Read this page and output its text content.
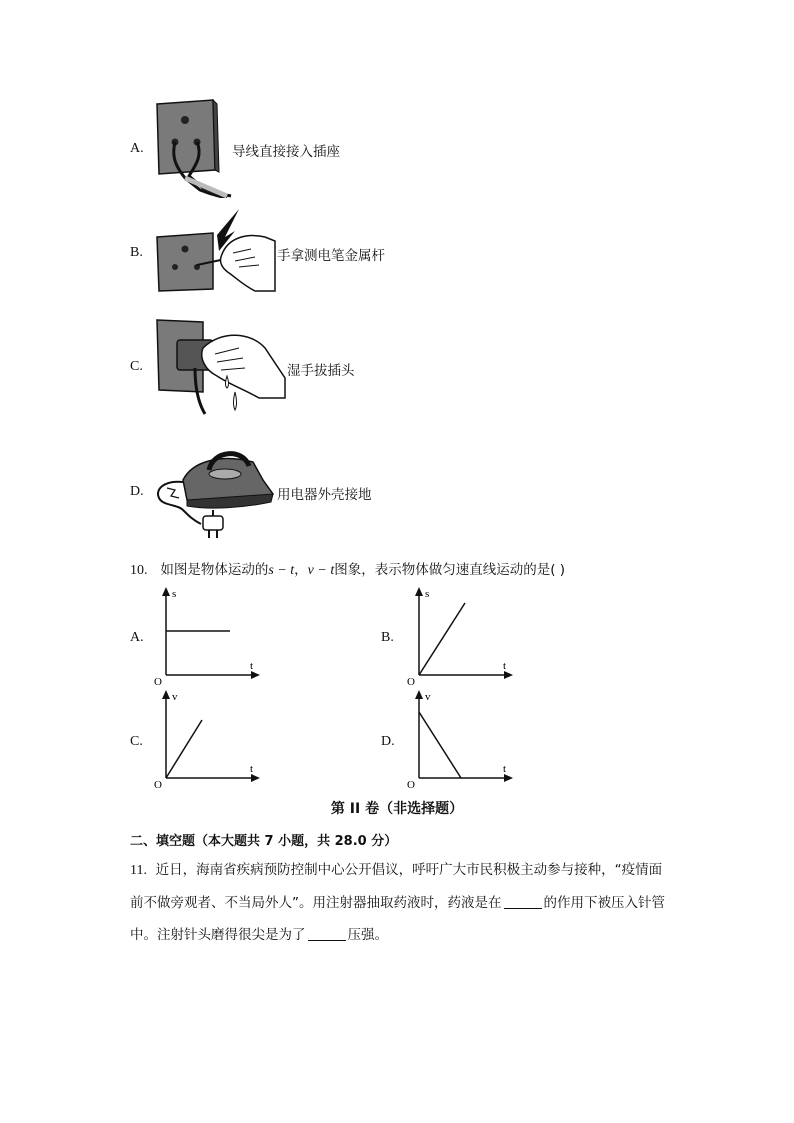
A.	导线直接接入插座
B.	手拿测电笔金属杆
C.	湿手拔插头
D.	用电器外壳接地
10. 如图是物体运动的s − t，v − t图象，表示物体做匀速直线运动的是( )
A.
s
t
O
B.
s
t
O
C.
v
t
O
D.
v
t
O
第 II 卷（非选择题）
二、填空题（本大题共 7 小题，共 28.0 分）
11. 近日，海南省疾病预防控制中心公开倡议，呼吁广大市民积极主动参与接种，“疫情面
前不做旁观者、不当局外人”。用注射器抽取药液时，药液是在	的作用下被压入针管
中。注射针头磨得很尖是为了	压强。
